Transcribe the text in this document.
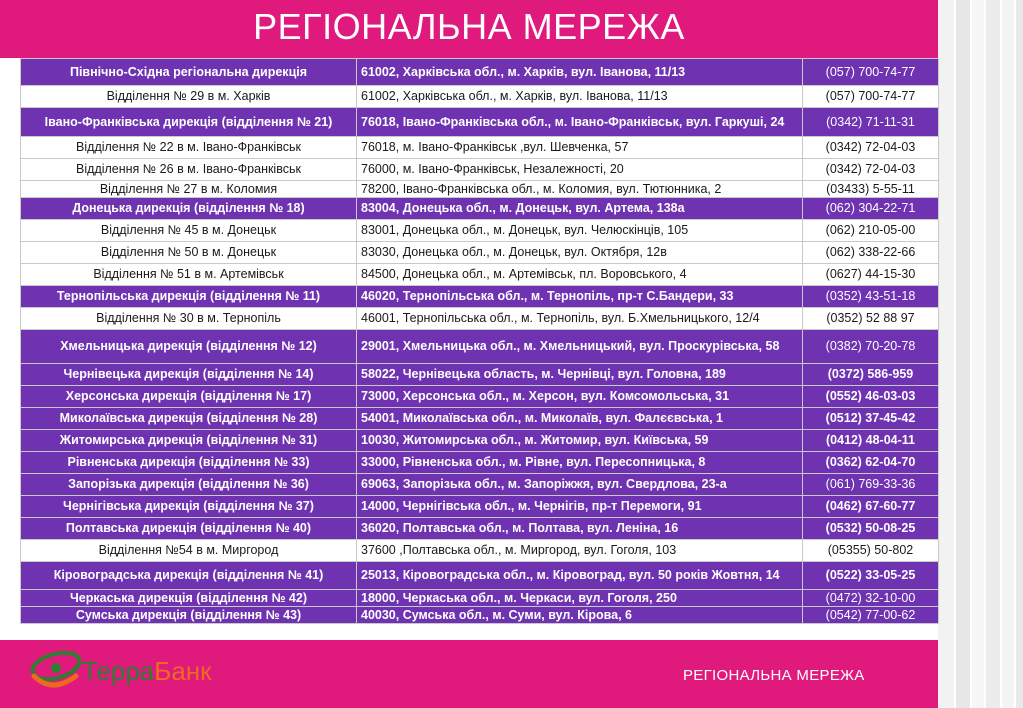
РЕГІОНАЛЬНА МЕРЕЖА
Північно-Східна регіональна дирекція	61002, Харківська обл., м. Харків, вул. Іванова, 11/13	(057) 700-74-77
Відділення № 29 в м. Харків	61002, Харківська обл., м. Харків, вул. Іванова, 11/13	(057) 700-74-77
Івано-Франківська дирекція (відділення № 21)	76018, Івано-Франківська обл., м. Івано-Франківськ, вул. Гаркуші, 24	(0342) 71-11-31
Відділення № 22 в м. Івано-Франківськ	76018, м. Івано-Франківськ ,вул. Шевченка, 57	(0342) 72-04-03
Відділення № 26 в м. Івано-Франківськ	76000, м. Івано-Франківськ, Незалежності, 20	(0342) 72-04-03
Відділення № 27 в м. Коломия	78200, Івано-Франківська обл., м. Коломия, вул. Тютюнника, 2	(03433) 5-55-11
Донецька дирекція (відділення № 18)	83004, Донецька обл., м. Донецьк, вул. Артема, 138а	(062) 304-22-71
Відділення № 45 в м. Донецьк	83001, Донецька обл., м. Донецьк, вул. Челюскінців, 105	(062) 210-05-00
Відділення № 50 в м. Донецьк	83030, Донецька обл., м. Донецьк, вул. Октября, 12в	(062) 338-22-66
Відділення № 51 в м. Артемівськ	84500, Донецька обл., м. Артемівськ, пл. Воровського, 4	(0627) 44-15-30
Тернопільська дирекція (відділення № 11)	46020, Тернопільська обл., м. Тернопіль, пр-т С.Бандери, 33	(0352) 43-51-18
Відділення № 30 в м. Тернопіль	46001, Тернопільська обл., м. Тернопіль, вул. Б.Хмельницького, 12/4	(0352) 52 88 97
Хмельницька дирекція (відділення № 12)	29001, Хмельницька обл., м. Хмельницький, вул. Проскурівська, 58	(0382) 70-20-78
Чернівецька дирекція (відділення № 14)	58022, Чернівецька область, м. Чернівці, вул. Головна, 189	(0372) 586-959
Херсонська дирекція (відділення № 17)	73000, Херсонська обл., м. Херсон, вул. Комсомольська, 31	(0552) 46-03-03
Миколаївська дирекція (відділення № 28)	54001, Миколаївська обл., м. Миколаїв, вул. Фалєєвська, 1	(0512) 37-45-42
Житомирська дирекція (відділення № 31)	10030, Житомирська обл., м. Житомир, вул. Київська, 59	(0412) 48-04-11
Рівненська дирекція (відділення № 33)	33000, Рівненська обл., м. Рівне, вул. Пересопницька, 8	(0362) 62-04-70
Запорізька дирекція (відділення № 36)	69063, Запорізька обл., м. Запоріжжя, вул. Свердлова, 23-а	(061) 769-33-36
Чернігівська дирекція (відділення № 37)	14000, Чернігівська обл., м. Чернігів, пр-т Перемоги, 91	(0462) 67-60-77
Полтавська дирекція (відділення № 40)	36020, Полтавська обл., м. Полтава, вул. Леніна, 16	(0532) 50-08-25
Відділення №54 в м. Миргород	37600 ,Полтавська обл., м. Миргород, вул. Гоголя, 103	(05355) 50-802
Кіровоградська дирекція (відділення № 41)	25013, Кіровоградська обл., м. Кіровоград, вул. 50 років Жовтня, 14	(0522) 33-05-25
Черкаська дирекція (відділення № 42)	18000, Черкаська обл., м. Черкаси, вул. Гоголя, 250	(0472) 32-10-00
Сумська дирекція (відділення № 43)	40030, Сумська обл., м. Суми, вул. Кірова, 6	(0542) 77-00-62
ТерраБанк	РЕГІОНАЛЬНА МЕРЕЖА
